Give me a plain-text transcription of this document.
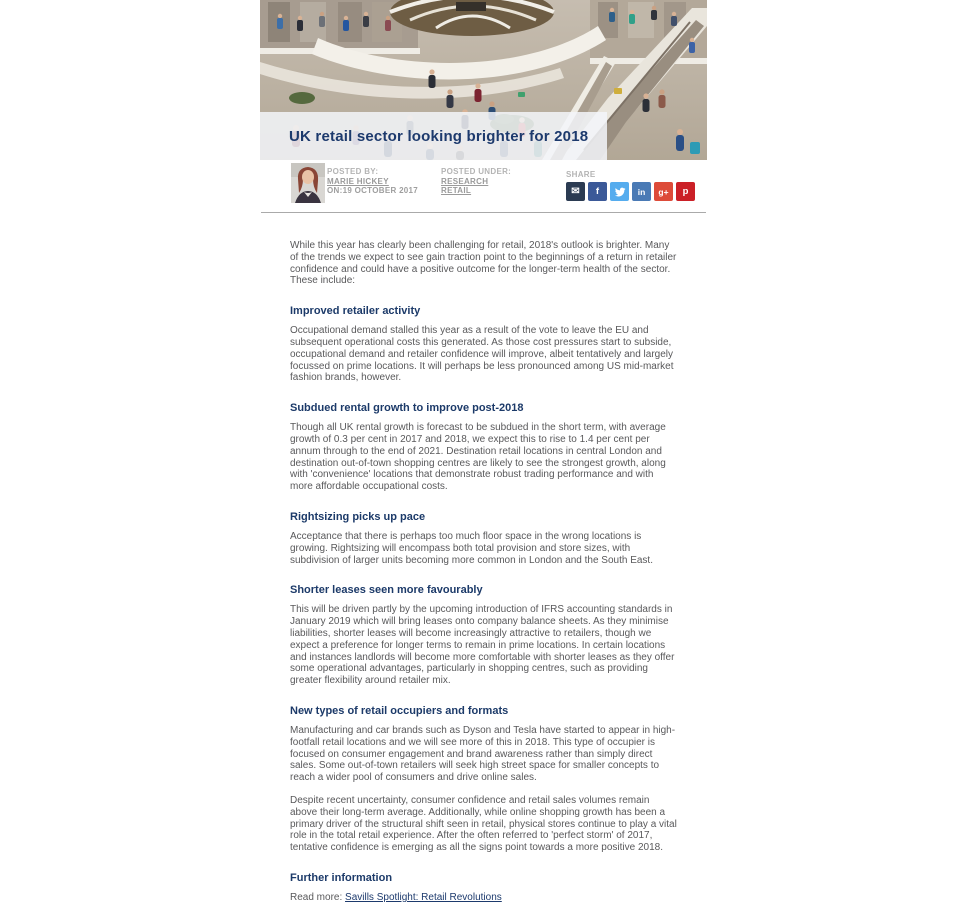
UK retail sector looking brighter for 2018
POSTED BY:
MARIE HICKEY
ON:19 OCTOBER 2017
POSTED UNDER:
RESEARCH
RETAIL
SHARE
✉ f	in g+ p

While this year has clearly been challenging for retail, 2018's outlook is brighter. Many of the trends we expect to see gain traction point to the beginnings of a return in retailer confidence and could have a positive outcome for the longer-term health of the sector. These include:

Improved retailer activity

Occupational demand stalled this year as a result of the vote to leave the EU and subsequent operational costs this generated. As those cost pressures start to subside, occupational demand and retailer confidence will improve, albeit tentatively and largely focussed on prime locations. It will perhaps be less pronounced among US mid-market fashion brands, however.

Subdued rental growth to improve post-2018

Though all UK rental growth is forecast to be subdued in the short term, with average growth of 0.3 per cent in 2017 and 2018, we expect this to rise to 1.4 per cent per annum through to the end of 2021. Destination retail locations in central London and destination out-of-town shopping centres are likely to see the strongest growth, along with 'convenience' locations that demonstrate robust trading performance and with more affordable occupational costs.

Rightsizing picks up pace

Acceptance that there is perhaps too much floor space in the wrong locations is growing. Rightsizing will encompass both total provision and store sizes, with subdivision of larger units becoming more common in London and the South East.

Shorter leases seen more favourably

This will be driven partly by the upcoming introduction of IFRS accounting standards in January 2019 which will bring leases onto company balance sheets. As they minimise liabilities, shorter leases will become increasingly attractive to retailers, though we expect a preference for longer terms to remain in prime locations. In certain locations and instances landlords will become more comfortable with shorter leases as they offer some operational advantages, particularly in shopping centres, such as providing greater flexibility around retailer mix.

New types of retail occupiers and formats

Manufacturing and car brands such as Dyson and Tesla have started to appear in high-footfall retail locations and we will see more of this in 2018. This type of occupier is focused on consumer engagement and brand awareness rather than simply direct sales. Some out-of-town retailers will seek high street space for smaller concepts to reach a wider pool of consumers and drive online sales.

Despite recent uncertainty, consumer confidence and retail sales volumes remain above their long-term average. Additionally, while online shopping growth has been a primary driver of the structural shift seen in retail, physical stores continue to play a vital role in the total retail experience. After the often referred to 'perfect storm' of 2017, tentative confidence is emerging as all the signs point towards a more positive 2018.

Further information

Read more: Savills Spotlight: Retail Revolutions
